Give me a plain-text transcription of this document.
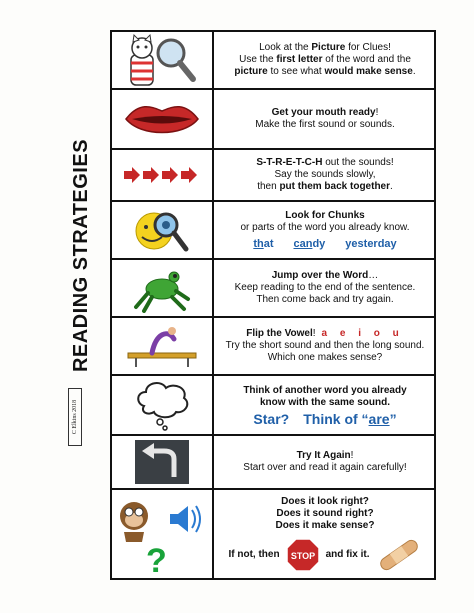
READING STRATEGIES
C Elkins 2018
Look at the Picture for Clues!
Use the first letter of the word and the
picture to see what would make sense.
Get your mouth ready!
Make the first sound or sounds.
S-T-R-E-T-C-H out the sounds!
Say the sounds slowly,
then put them back together.
Look for Chunks
or parts of the word you already know.
that candy yesterday
Jump over the Word…
Keep reading to the end of the sentence.
Then come back and try again.
Flip the Vowel! a e i o u
Try the short sound and then the long sound.
Which one makes sense?
Think of another word you already
know with the same sound.
Star? Think of “are”
Try It Again!
Start over and read it again carefully!
?
Does it look right?
Does it sound right?
Does it make sense?
If not, then STOP and fix it.
